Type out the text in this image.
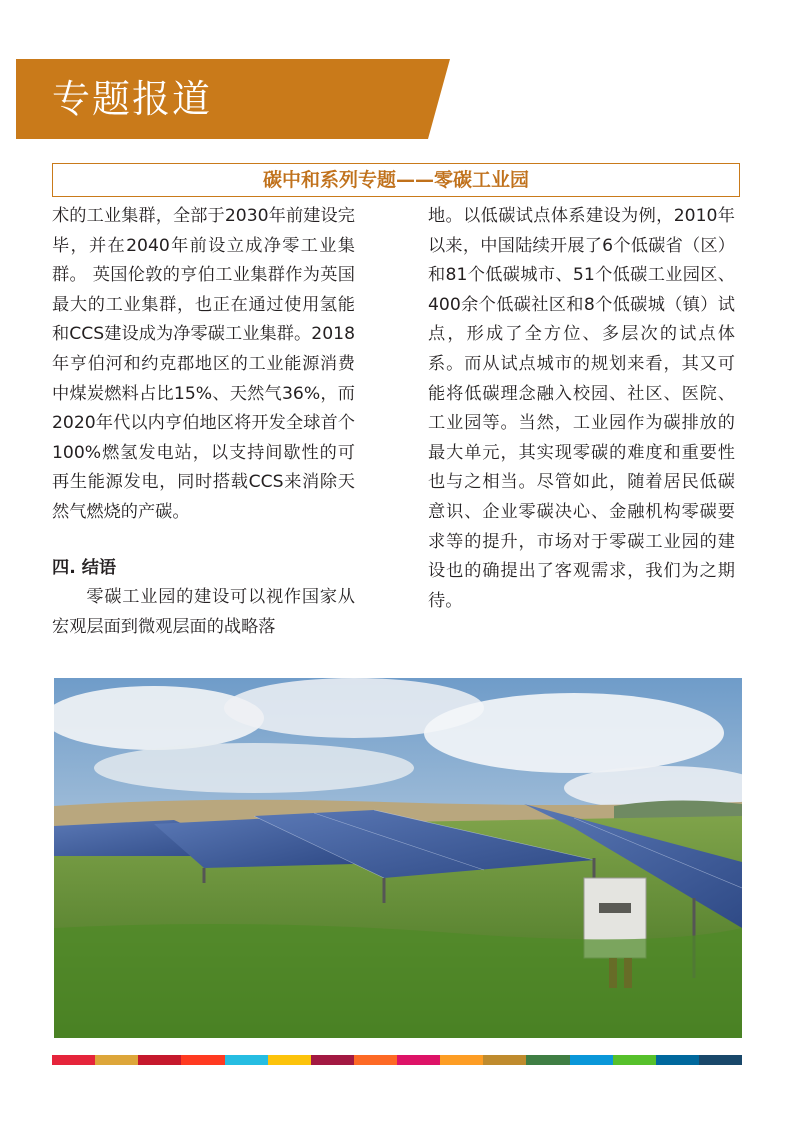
专题报道
碳中和系列专题——零碳工业园

术的工业集群，全部于2030年前建设完毕，并在2040年前设立成净零工业集群。 英国伦敦的亨伯工业集群作为英国最大的工业集群，也正在通过使用氢能和CCS建设成为净零碳工业集群。2018年亨伯河和约克郡地区的工业能源消费中煤炭燃料占比15%、天然气36%，而2020年代以内亨伯地区将开发全球首个100%燃氢发电站，以支持间歇性的可再生能源发电，同时搭载CCS来消除天然气燃烧的产碳。

四. 结语

零碳工业园的建设可以视作国家从宏观层面到微观层面的战略落

地。以低碳试点体系建设为例，2010年以来，中国陆续开展了6个低碳省（区）和81个低碳城市、51个低碳工业园区、400余个低碳社区和8个低碳城（镇）试点，形成了全方位、多层次的试点体系。而从试点城市的规划来看，其又可能将低碳理念融入校园、社区、医院、工业园等。当然，工业园作为碳排放的最大单元，其实现零碳的难度和重要性也与之相当。尽管如此，随着居民低碳意识、企业零碳决心、金融机构零碳要求等的提升，市场对于零碳工业园的建设也的确提出了客观需求，我们为之期待。
